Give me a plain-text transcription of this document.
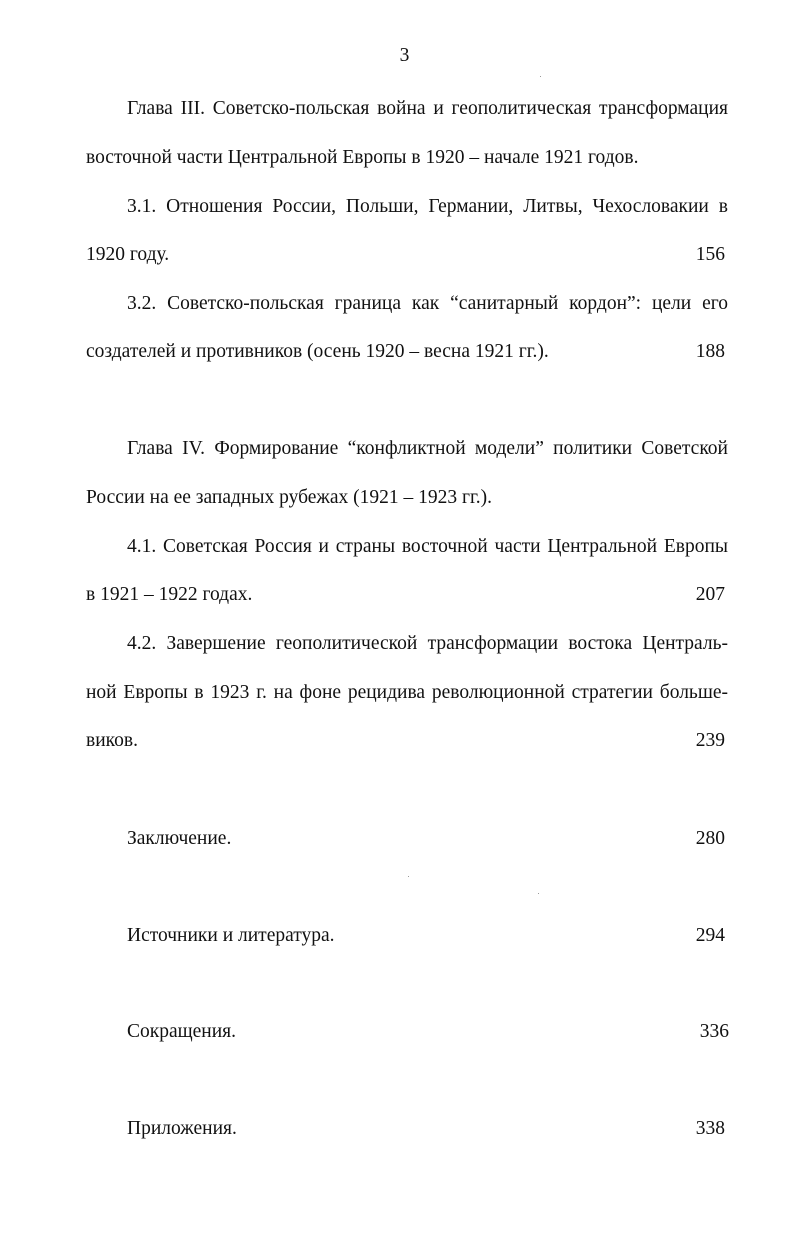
3
Глава III. Советско-польская война и геополитическая трансформация
восточной части Центральной Европы в 1920 – начале 1921 годов.
3.1. Отношения России, Польши, Германии, Литвы, Чехословакии в
1920 году.	156
3.2. Советско-польская граница как “санитарный кордон”: цели его
создателей и противников (осень 1920 – весна 1921 гг.).	188
Глава IV. Формирование “конфликтной модели” политики Советской
России на ее западных рубежах (1921 – 1923 гг.).
4.1. Советская Россия и страны восточной части Центральной Европы
в 1921 – 1922 годах.	207
4.2. Завершение геополитической трансформации востока Централь-
ной Европы в 1923 г. на фоне рецидива революционной стратегии больше-
виков.	239
Заключение.	280
Источники и литература.	294
Сокращения.	336
Приложения.	338
